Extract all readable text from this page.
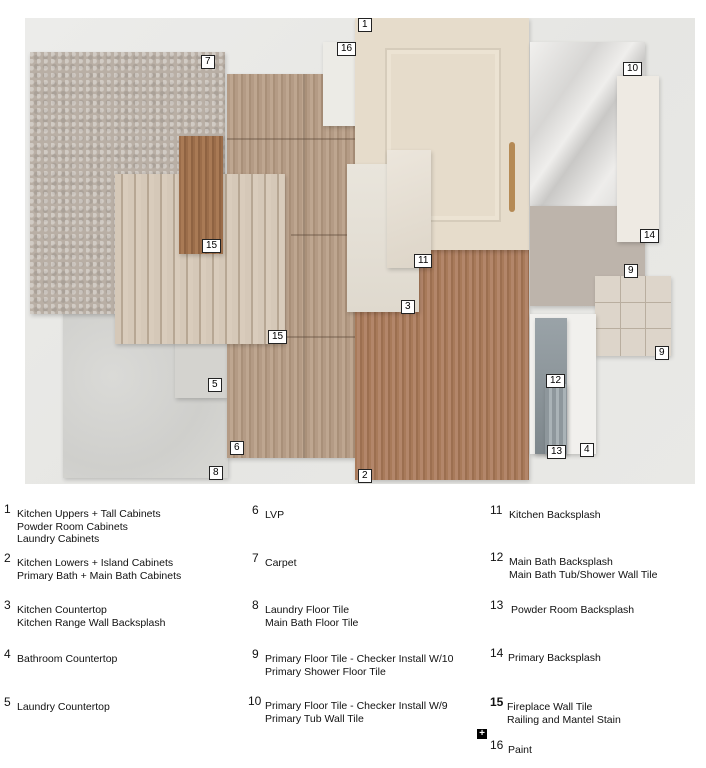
1
16
7
10
14
15
11
9
3
15
9
5	12
6	13	4
8	2
1 Kitchen Uppers + Tall Cabinets
Powder Room Cabinets
Laundry Cabinets
2 Kitchen Lowers + Island Cabinets
Primary Bath + Main Bath Cabinets
3 Kitchen Countertop
Kitchen Range Wall Backsplash
4 Bathroom Countertop
5 Laundry Countertop
6 LVP
7 Carpet
8 Laundry Floor Tile
Main Bath Floor Tile
9 Primary Floor Tile - Checker Install W/10
Primary Shower Floor Tile
10 Primary Floor Tile - Checker Install W/9
Primary Tub Wall Tile
11 Kitchen Backsplash
12 Main Bath Backsplash
Main Bath Tub/Shower Wall Tile
13 Powder Room Backsplash
14 Primary Backsplash
15 Fireplace Wall Tile
Railing and Mantel Stain
+
16 Paint
